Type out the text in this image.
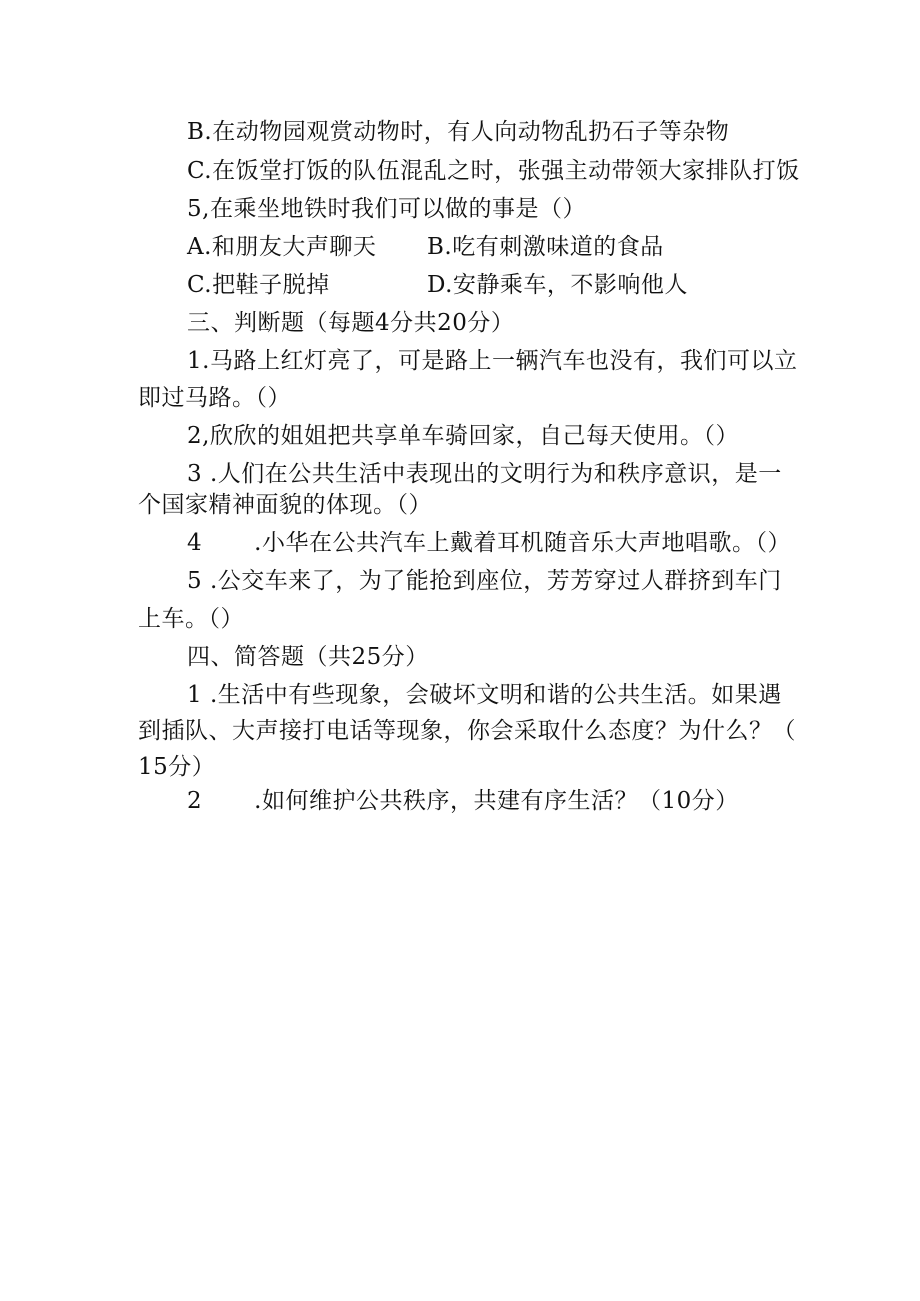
B.在动物园观赏动物时，有人向动物乱扔石子等杂物
C.在饭堂打饭的队伍混乱之时，张强主动带领大家排队打饭
5,在乘坐地铁时我们可以做的事是（）
A.和朋友大声聊天 B.吃有刺激味道的食品
C.把鞋子脱掉	D.安静乘车，不影响他人
三、判断题（每题4分共20分）
1.马路上红灯亮了，可是路上一辆汽车也没有，我们可以立
即过马路。（）
2,欣欣的姐姐把共享单车骑回家，自己每天使用。（）
3 .人们在公共生活中表现出的文明行为和秩序意识，是一
个国家精神面貌的体现。（）
4 .小华在公共汽车上戴着耳机随音乐大声地唱歌。（）
5 .公交车来了，为了能抢到座位，芳芳穿过人群挤到车门
上车。（）
四、简答题（共25分）
1 .生活中有些现象，会破坏文明和谐的公共生活。如果遇
到插队、大声接打电话等现象，你会采取什么态度？为什么？（
15分）
2 .如何维护公共秩序，共建有序生活？（10分）
